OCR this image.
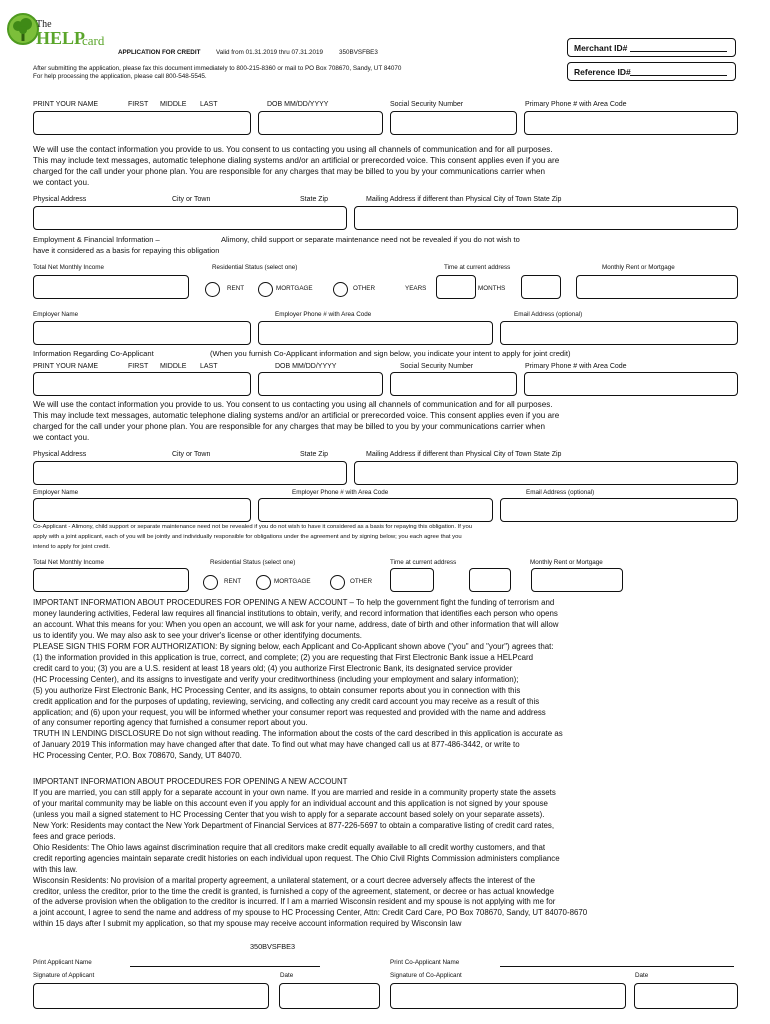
The
HELP
card
APPLICATION FOR CREDIT Valid from 01.31.2019 thru 07.31.2019	350BVSFBE3
After submitting the application, please fax this document immediately to 800-215-8360 or mail to PO Box 708670, Sandy, UT 84070
For help processing the application, please call 800-548-5545.
Merchant ID#
Reference ID#
PRINT YOUR NAME	FIRST MIDDLE LAST	DOB MM/DD/YYYY	Social Security Number	Primary Phone # with Area Code
We will use the contact information you provide to us. You consent to us contacting you using all channels of communication and for all purposes.
This may include text messages, automatic telephone dialing systems and/or an artificial or prerecorded voice. This consent applies even if you are
charged for the call under your phone plan. You are responsible for any charges that may be billed to you by your communications carrier when
we contact you.
Physical Address	City or Town	State Zip	Mailing Address if different than Physical City of Town State Zip
Employment & Financial Information –	Alimony, child support or separate maintenance need not be revealed if you do not wish to
have it considered as a basis for repaying this obligation
Total Net Monthly Income	Residential Status (select one)	Time at current address	Monthly Rent or Mortgage
RENT	MORTGAGE	OTHER	YEARS	MONTHS
Employer Name	Employer Phone # with Area Code	Email Address (optional)
Information Regarding Co-Applicant	(When you furnish Co-Applicant information and sign below, you indicate your intent to apply for joint credit)
PRINT YOUR NAME	FIRST MIDDLE LAST	DOB MM/DD/YYYY	Social Security Number	Primary Phone # with Area Code
We will use the contact information you provide to us. You consent to us contacting you using all channels of communication and for all purposes.
This may include text messages, automatic telephone dialing systems and/or an artificial or prerecorded voice. This consent applies even if you are
charged for the call under your phone plan. You are responsible for any charges that may be billed to you by your communications carrier when
we contact you.
Physical Address	City or Town	State Zip	Mailing Address if different than Physical City of Town State Zip
Employer Name	Employer Phone # with Area Code	Email Address (optional)
Co-Applicant - Alimony, child support or separate maintenance need not be revealed if you do not wish to have it considered as a basis for repaying this obligation. If you
apply with a joint applicant, each of you will be jointly and individually responsible for obligations under the agreement and by signing below; you each agree that you
intend to apply for joint credit.
Total Net Monthly Income	Residential Status (select one)	Time at current address	Monthly Rent or Mortgage
RENT	MORTGAGE	OTHER
IMPORTANT INFORMATION ABOUT PROCEDURES FOR OPENING A NEW ACCOUNT – To help the government fight the funding of terrorism and
money laundering activities, Federal law requires all financial institutions to obtain, verify, and record information that identifies each person who opens
an account. What this means for you: When you open an account, we will ask for your name, address, date of birth and other information that will allow
us to identify you. We may also ask to see your driver's license or other identifying documents.
PLEASE SIGN THIS FORM FOR AUTHORIZATION: By signing below, each Applicant and Co-Applicant shown above ("you" and "your") agrees that:
(1) the information provided in this application is true, correct, and complete; (2) you are requesting that First Electronic Bank issue a HELPcard
credit card to you; (3) you are a U.S. resident at least 18 years old; (4) you authorize First Electronic Bank, its designated service provider
(HC Processing Center), and its assigns to investigate and verify your creditworthiness (including your employment and salary information);
(5) you authorize First Electronic Bank, HC Processing Center, and its assigns, to obtain consumer reports about you in connection with this
credit application and for the purposes of updating, reviewing, servicing, and collecting any credit card account you may receive as a result of this
application; and (6) upon your request, you will be informed whether your consumer report was requested and provided with the name and address
of any consumer reporting agency that furnished a consumer report about you.
TRUTH IN LENDING DISCLOSURE Do not sign without reading. The information about the costs of the card described in this application is accurate as
of January 2019 This information may have changed after that date. To find out what may have changed call us at 877-486-3442, or write to
HC Processing Center, P.O. Box 708670, Sandy, UT 84070.
IMPORTANT INFORMATION ABOUT PROCEDURES FOR OPENING A NEW ACCOUNT
If you are married, you can still apply for a separate account in your own name. If you are married and reside in a community property state the assets
of your marital community may be liable on this account even if you apply for an individual account and this application is not signed by your spouse
(unless you mail a signed statement to HC Processing Center that you wish to apply for a separate account based solely on your separate assets).
New York: Residents may contact the New York Department of Financial Services at 877-226-5697 to obtain a comparative listing of credit card rates,
fees and grace periods.
Ohio Residents: The Ohio laws against discrimination require that all creditors make credit equally available to all credit worthy customers, and that
credit reporting agencies maintain separate credit histories on each individual upon request. The Ohio Civil Rights Commission administers compliance
with this law.
Wisconsin Residents: No provision of a marital property agreement, a unilateral statement, or a court decree adversely affects the interest of the
creditor, unless the creditor, prior to the time the credit is granted, is furnished a copy of the agreement, statement, or decree or has actual knowledge
of the adverse provision when the obligation to the creditor is incurred. If I am a married Wisconsin resident and my spouse is not applying with me for
a joint account, I agree to send the name and address of my spouse to HC Processing Center, Attn: Credit Card Care, PO Box 708670, Sandy, UT 84070-8670
within 15 days after I submit my application, so that my spouse may receive account information required by Wisconsin law
350BVSFBE3
Print Applicant Name
Signature of Applicant	Date
Print Co-Applicant Name
Signature of Co-Applicant	Date
